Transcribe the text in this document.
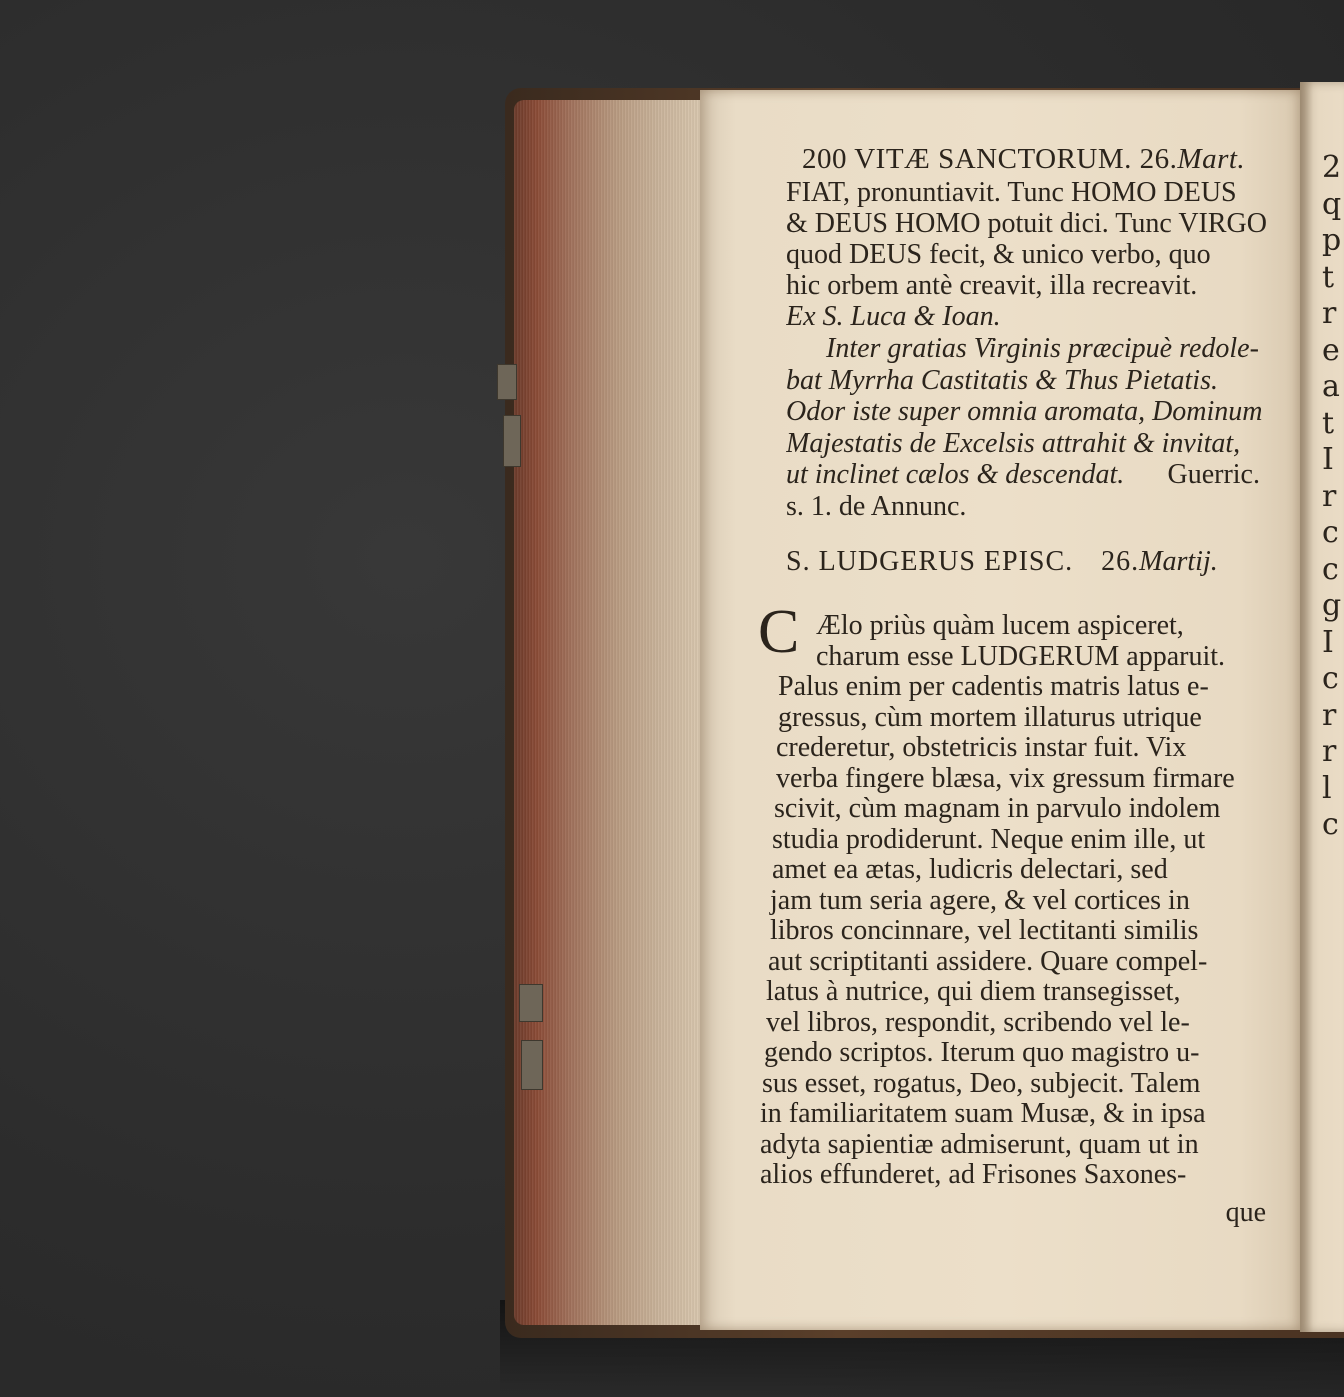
2
q
p
t
r
e
a
t
I
r
c
c
g
I
c
r
r
l
c
200 VITÆ SANCTORUM. 26.Mart.
FIAT, pronuntiavit. Tunc HOMO DEUS
& DEUS HOMO potuit dici. Tunc VIRGO
quod DEUS fecit, & unico verbo, quo
hic orbem antè creavit, illa recreavit.
Ex S. Luca & Ioan.
Inter gratias Virginis præcipuè redole-
bat Myrrha Castitatis & Thus Pietatis.
Odor iste super omnia aromata, Dominum
Majestatis de Excelsis attrahit & invitat,
ut inclinet cælos & descendat. Guerric.
s. 1. de Annunc.
S. LUDGERUS EPISC. 26.Martij.
C Ælo priùs quàm lucem aspiceret,
charum esse LUDGERUM apparuit.
Palus enim per cadentis matris latus e-
gressus, cùm mortem illaturus utrique
crederetur, obstetricis instar fuit. Vix
verba fingere blæsa, vix gressum firmare
scivit, cùm magnam in parvulo indolem
studia prodiderunt. Neque enim ille, ut
amet ea ætas, ludicris delectari, sed
jam tum seria agere, & vel cortices in
libros concinnare, vel lectitanti similis
aut scriptitanti assidere. Quare compel-
latus à nutrice, qui diem transegisset,
vel libros, respondit, scribendo vel le-
gendo scriptos. Iterum quo magistro u-
sus esset, rogatus, Deo, subjecit. Talem
in familiaritatem suam Musæ, & in ipsa
adyta sapientiæ admiserunt, quam ut in
alios effunderet, ad Frisones Saxones-
que
